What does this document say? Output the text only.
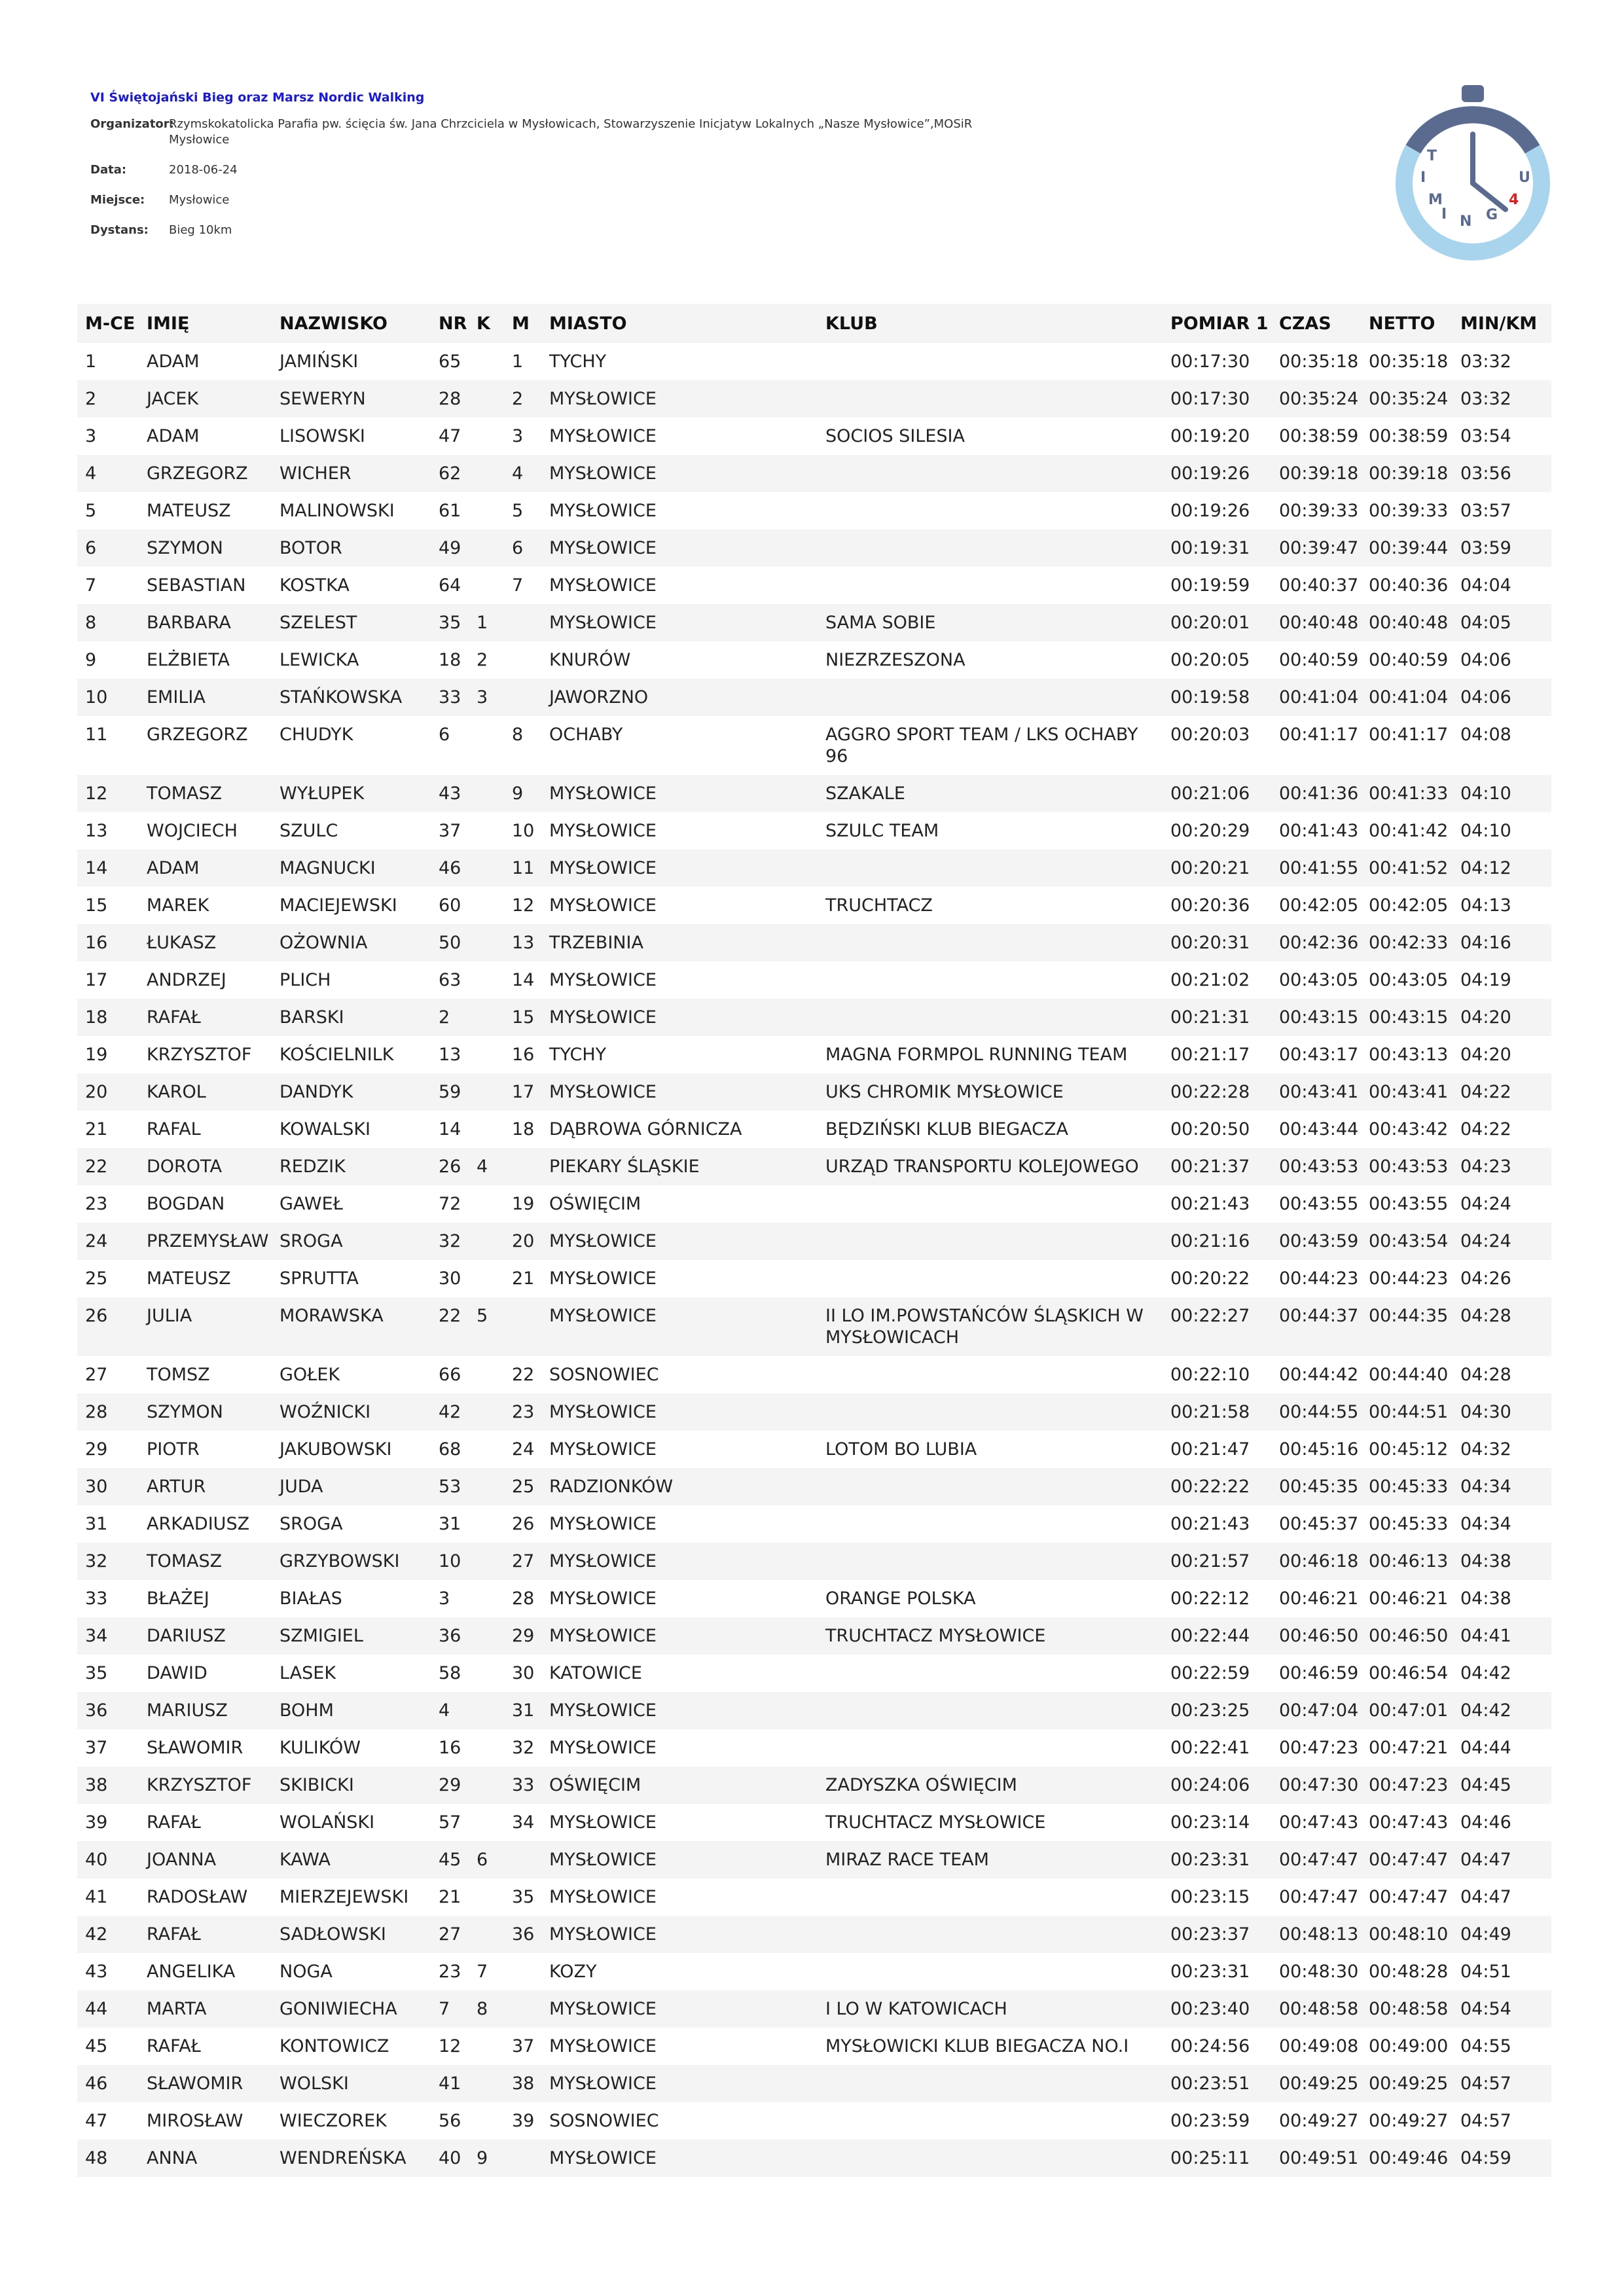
VI Świętojański Bieg oraz Marsz Nordic Walking
Organizator:
Rzymskokatolicka Parafia pw. ścięcia św. Jana Chrzciciela w Mysłowicach, Stowarzyszenie Inicjatyw Lokalnych „Nasze Mysłowice”,MOSiR Mysłowice
Data:	2018-06-24
Miejsce:	Mysłowice
Dystans:	Bieg 10km
T
I
M
I N G
U
4
M-CE	IMIĘ	NAZWISKO	NR	K	M	MIASTO	KLUB	POMIAR 1	CZAS	NETTO	MIN/KM
1	ADAM	JAMIŃSKI	65		1	TYCHY		00:17:30	00:35:18	00:35:18	03:32
2	JACEK	SEWERYN	28		2	MYSŁOWICE		00:17:30	00:35:24	00:35:24	03:32
3	ADAM	LISOWSKI	47		3	MYSŁOWICE	SOCIOS SILESIA	00:19:20	00:38:59	00:38:59	03:54
4	GRZEGORZ	WICHER	62		4	MYSŁOWICE		00:19:26	00:39:18	00:39:18	03:56
5	MATEUSZ	MALINOWSKI	61		5	MYSŁOWICE		00:19:26	00:39:33	00:39:33	03:57
6	SZYMON	BOTOR	49		6	MYSŁOWICE		00:19:31	00:39:47	00:39:44	03:59
7	SEBASTIAN	KOSTKA	64		7	MYSŁOWICE		00:19:59	00:40:37	00:40:36	04:04
8	BARBARA	SZELEST	35	1		MYSŁOWICE	SAMA SOBIE	00:20:01	00:40:48	00:40:48	04:05
9	ELŻBIETA	LEWICKA	18	2		KNURÓW	NIEZRZESZONA	00:20:05	00:40:59	00:40:59	04:06
10	EMILIA	STAŃKOWSKA	33	3		JAWORZNO		00:19:58	00:41:04	00:41:04	04:06
11	GRZEGORZ	CHUDYK	6		8	OCHABY	AGGRO SPORT TEAM / LKS OCHABY 96	00:20:03	00:41:17	00:41:17	04:08
12	TOMASZ	WYŁUPEK	43		9	MYSŁOWICE	SZAKALE	00:21:06	00:41:36	00:41:33	04:10
13	WOJCIECH	SZULC	37		10	MYSŁOWICE	SZULC TEAM	00:20:29	00:41:43	00:41:42	04:10
14	ADAM	MAGNUCKI	46		11	MYSŁOWICE		00:20:21	00:41:55	00:41:52	04:12
15	MAREK	MACIEJEWSKI	60		12	MYSŁOWICE	TRUCHTACZ	00:20:36	00:42:05	00:42:05	04:13
16	ŁUKASZ	OŻOWNIA	50		13	TRZEBINIA		00:20:31	00:42:36	00:42:33	04:16
17	ANDRZEJ	PLICH	63		14	MYSŁOWICE		00:21:02	00:43:05	00:43:05	04:19
18	RAFAŁ	BARSKI	2		15	MYSŁOWICE		00:21:31	00:43:15	00:43:15	04:20
19	KRZYSZTOF	KOŚCIELNILK	13		16	TYCHY	MAGNA FORMPOL RUNNING TEAM	00:21:17	00:43:17	00:43:13	04:20
20	KAROL	DANDYK	59		17	MYSŁOWICE	UKS CHROMIK MYSŁOWICE	00:22:28	00:43:41	00:43:41	04:22
21	RAFAL	KOWALSKI	14		18	DĄBROWA GÓRNICZA	BĘDZIŃSKI KLUB BIEGACZA	00:20:50	00:43:44	00:43:42	04:22
22	DOROTA	REDZIK	26	4		PIEKARY ŚLĄSKIE	URZĄD TRANSPORTU KOLEJOWEGO	00:21:37	00:43:53	00:43:53	04:23
23	BOGDAN	GAWEŁ	72		19	OŚWIĘCIM		00:21:43	00:43:55	00:43:55	04:24
24	PRZEMYSŁAW	SROGA	32		20	MYSŁOWICE		00:21:16	00:43:59	00:43:54	04:24
25	MATEUSZ	SPRUTTA	30		21	MYSŁOWICE		00:20:22	00:44:23	00:44:23	04:26
26	JULIA	MORAWSKA	22	5		MYSŁOWICE	II LO IM.POWSTAŃCÓW ŚLĄSKICH W MYSŁOWICACH	00:22:27	00:44:37	00:44:35	04:28
27	TOMSZ	GOŁEK	66		22	SOSNOWIEC		00:22:10	00:44:42	00:44:40	04:28
28	SZYMON	WOŹNICKI	42		23	MYSŁOWICE		00:21:58	00:44:55	00:44:51	04:30
29	PIOTR	JAKUBOWSKI	68		24	MYSŁOWICE	LOTOM BO LUBIA	00:21:47	00:45:16	00:45:12	04:32
30	ARTUR	JUDA	53		25	RADZIONKÓW		00:22:22	00:45:35	00:45:33	04:34
31	ARKADIUSZ	SROGA	31		26	MYSŁOWICE		00:21:43	00:45:37	00:45:33	04:34
32	TOMASZ	GRZYBOWSKI	10		27	MYSŁOWICE		00:21:57	00:46:18	00:46:13	04:38
33	BŁAŻEJ	BIAŁAS	3		28	MYSŁOWICE	ORANGE POLSKA	00:22:12	00:46:21	00:46:21	04:38
34	DARIUSZ	SZMIGIEL	36		29	MYSŁOWICE	TRUCHTACZ MYSŁOWICE	00:22:44	00:46:50	00:46:50	04:41
35	DAWID	LASEK	58		30	KATOWICE		00:22:59	00:46:59	00:46:54	04:42
36	MARIUSZ	BOHM	4		31	MYSŁOWICE		00:23:25	00:47:04	00:47:01	04:42
37	SŁAWOMIR	KULIKÓW	16		32	MYSŁOWICE		00:22:41	00:47:23	00:47:21	04:44
38	KRZYSZTOF	SKIBICKI	29		33	OŚWIĘCIM	ZADYSZKA OŚWIĘCIM	00:24:06	00:47:30	00:47:23	04:45
39	RAFAŁ	WOLAŃSKI	57		34	MYSŁOWICE	TRUCHTACZ MYSŁOWICE	00:23:14	00:47:43	00:47:43	04:46
40	JOANNA	KAWA	45	6		MYSŁOWICE	MIRAZ RACE TEAM	00:23:31	00:47:47	00:47:47	04:47
41	RADOSŁAW	MIERZEJEWSKI	21		35	MYSŁOWICE		00:23:15	00:47:47	00:47:47	04:47
42	RAFAŁ	SADŁOWSKI	27		36	MYSŁOWICE		00:23:37	00:48:13	00:48:10	04:49
43	ANGELIKA	NOGA	23	7		KOZY		00:23:31	00:48:30	00:48:28	04:51
44	MARTA	GONIWIECHA	7	8		MYSŁOWICE	I LO W KATOWICACH	00:23:40	00:48:58	00:48:58	04:54
45	RAFAŁ	KONTOWICZ	12		37	MYSŁOWICE	MYSŁOWICKI KLUB BIEGACZA NO.I	00:24:56	00:49:08	00:49:00	04:55
46	SŁAWOMIR	WOLSKI	41		38	MYSŁOWICE		00:23:51	00:49:25	00:49:25	04:57
47	MIROSŁAW	WIECZOREK	56		39	SOSNOWIEC		00:23:59	00:49:27	00:49:27	04:57
48	ANNA	WENDREŃSKA	40	9		MYSŁOWICE		00:25:11	00:49:51	00:49:46	04:59
